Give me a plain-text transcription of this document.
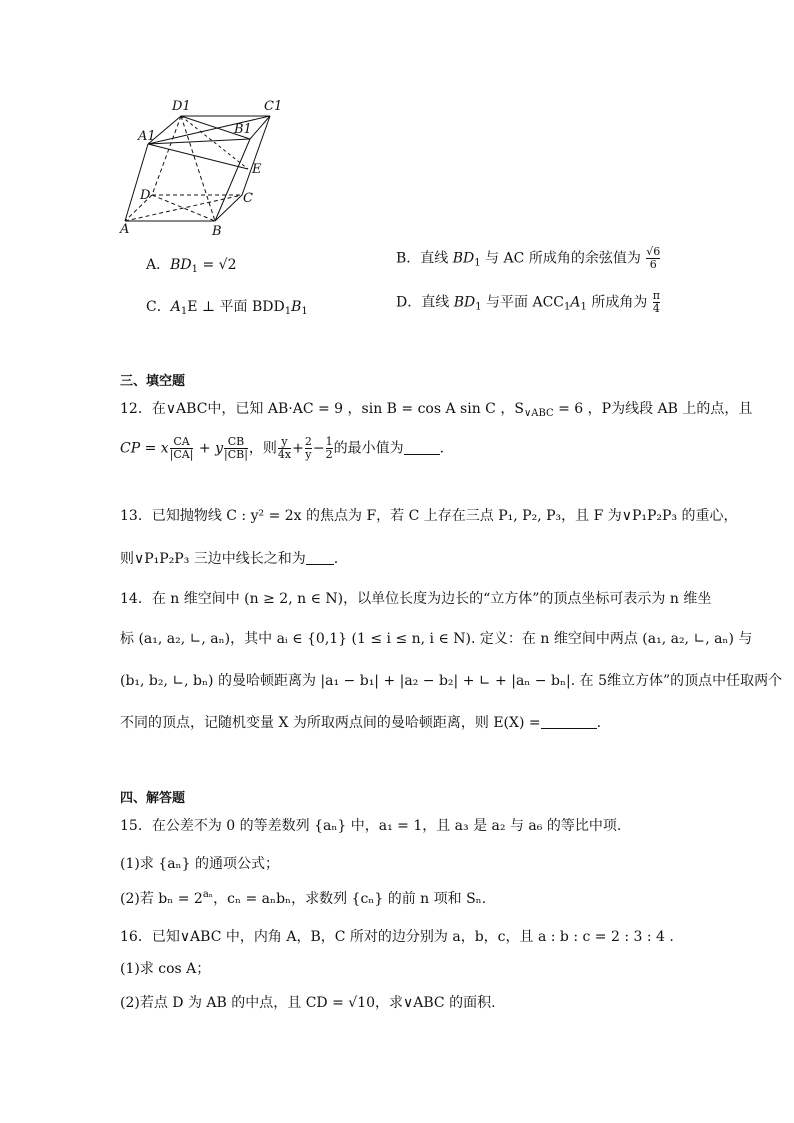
D1	C1
A1	B1
E
D	C
A	B
A．$BD_1 = √2$	B．直线 $BD_1$ 与 AC 所成角的余弦值为 $\frac{√6}{6}$
C．$A_1E$ ⊥ 平面 $BDD_1B_1$
D．直线 $BD_1$ 与平面 $ACC_1A_1$ 所成角为 $\frac{\pi}{4}$
三、填空题
12．在∨ABC中，已知 AB·AC = 9 ，sin B = cos A sin C ，$S_{\vee ABC} = 6$ ，P为线段 AB 上的点，且
CP = x $\frac{CA}{|CA|} + y \frac{CB}{|CB|}$ ，则 $\frac{y}{4x} + \frac{2}{y} - \frac{1}{2}$ 的最小值为	.
13．已知抛物线 C : y² = 2x 的焦点为 F，若 C 上存在三点 P₁, P₂, P₃，且 F 为∨P₁P₂P₃ 的重心，
则∨P₁P₂P₃ 三边中线长之和为 .
14．在 n 维空间中 (n ≥ 2, n ∈ N)，以单位长度为边长的“立方体”的顶点坐标可表示为 n 维坐
标 (a₁, a₂, ∟, aₙ)，其中 aᵢ ∈ {0,1} (1 ≤ i ≤ n, i ∈ N). 定义：在 n 维空间中两点 (a₁, a₂, ∟, aₙ) 与
(b₁, b₂, ∟, bₙ) 的曼哈顿距离为 |a₁ − b₁| + |a₂ − b₂| + ∟ + |aₙ − bₙ|. 在 5维立方体”的顶点中任取两个
不同的顶点，记随机变量 X 为所取两点间的曼哈顿距离，则 E(X) =	.
四、解答题
15．在公差不为 0 的等差数列 {aₙ} 中，a₁ = 1，且 a₃ 是 a₂ 与 a₆ 的等比中项.
(1)求 {aₙ} 的通项公式；
(2)若 $b_n = 2^{a_n}$，cₙ = aₙbₙ，求数列 {cₙ} 的前 n 项和 Sₙ.
16．已知∨ABC 中，内角 A，B，C 所对的边分别为 a，b，c，且 a : b : c = 2 : 3 : 4 .
(1)求 cos A；
(2)若点 D 为 AB 的中点，且 CD = √10，求∨ABC 的面积.
